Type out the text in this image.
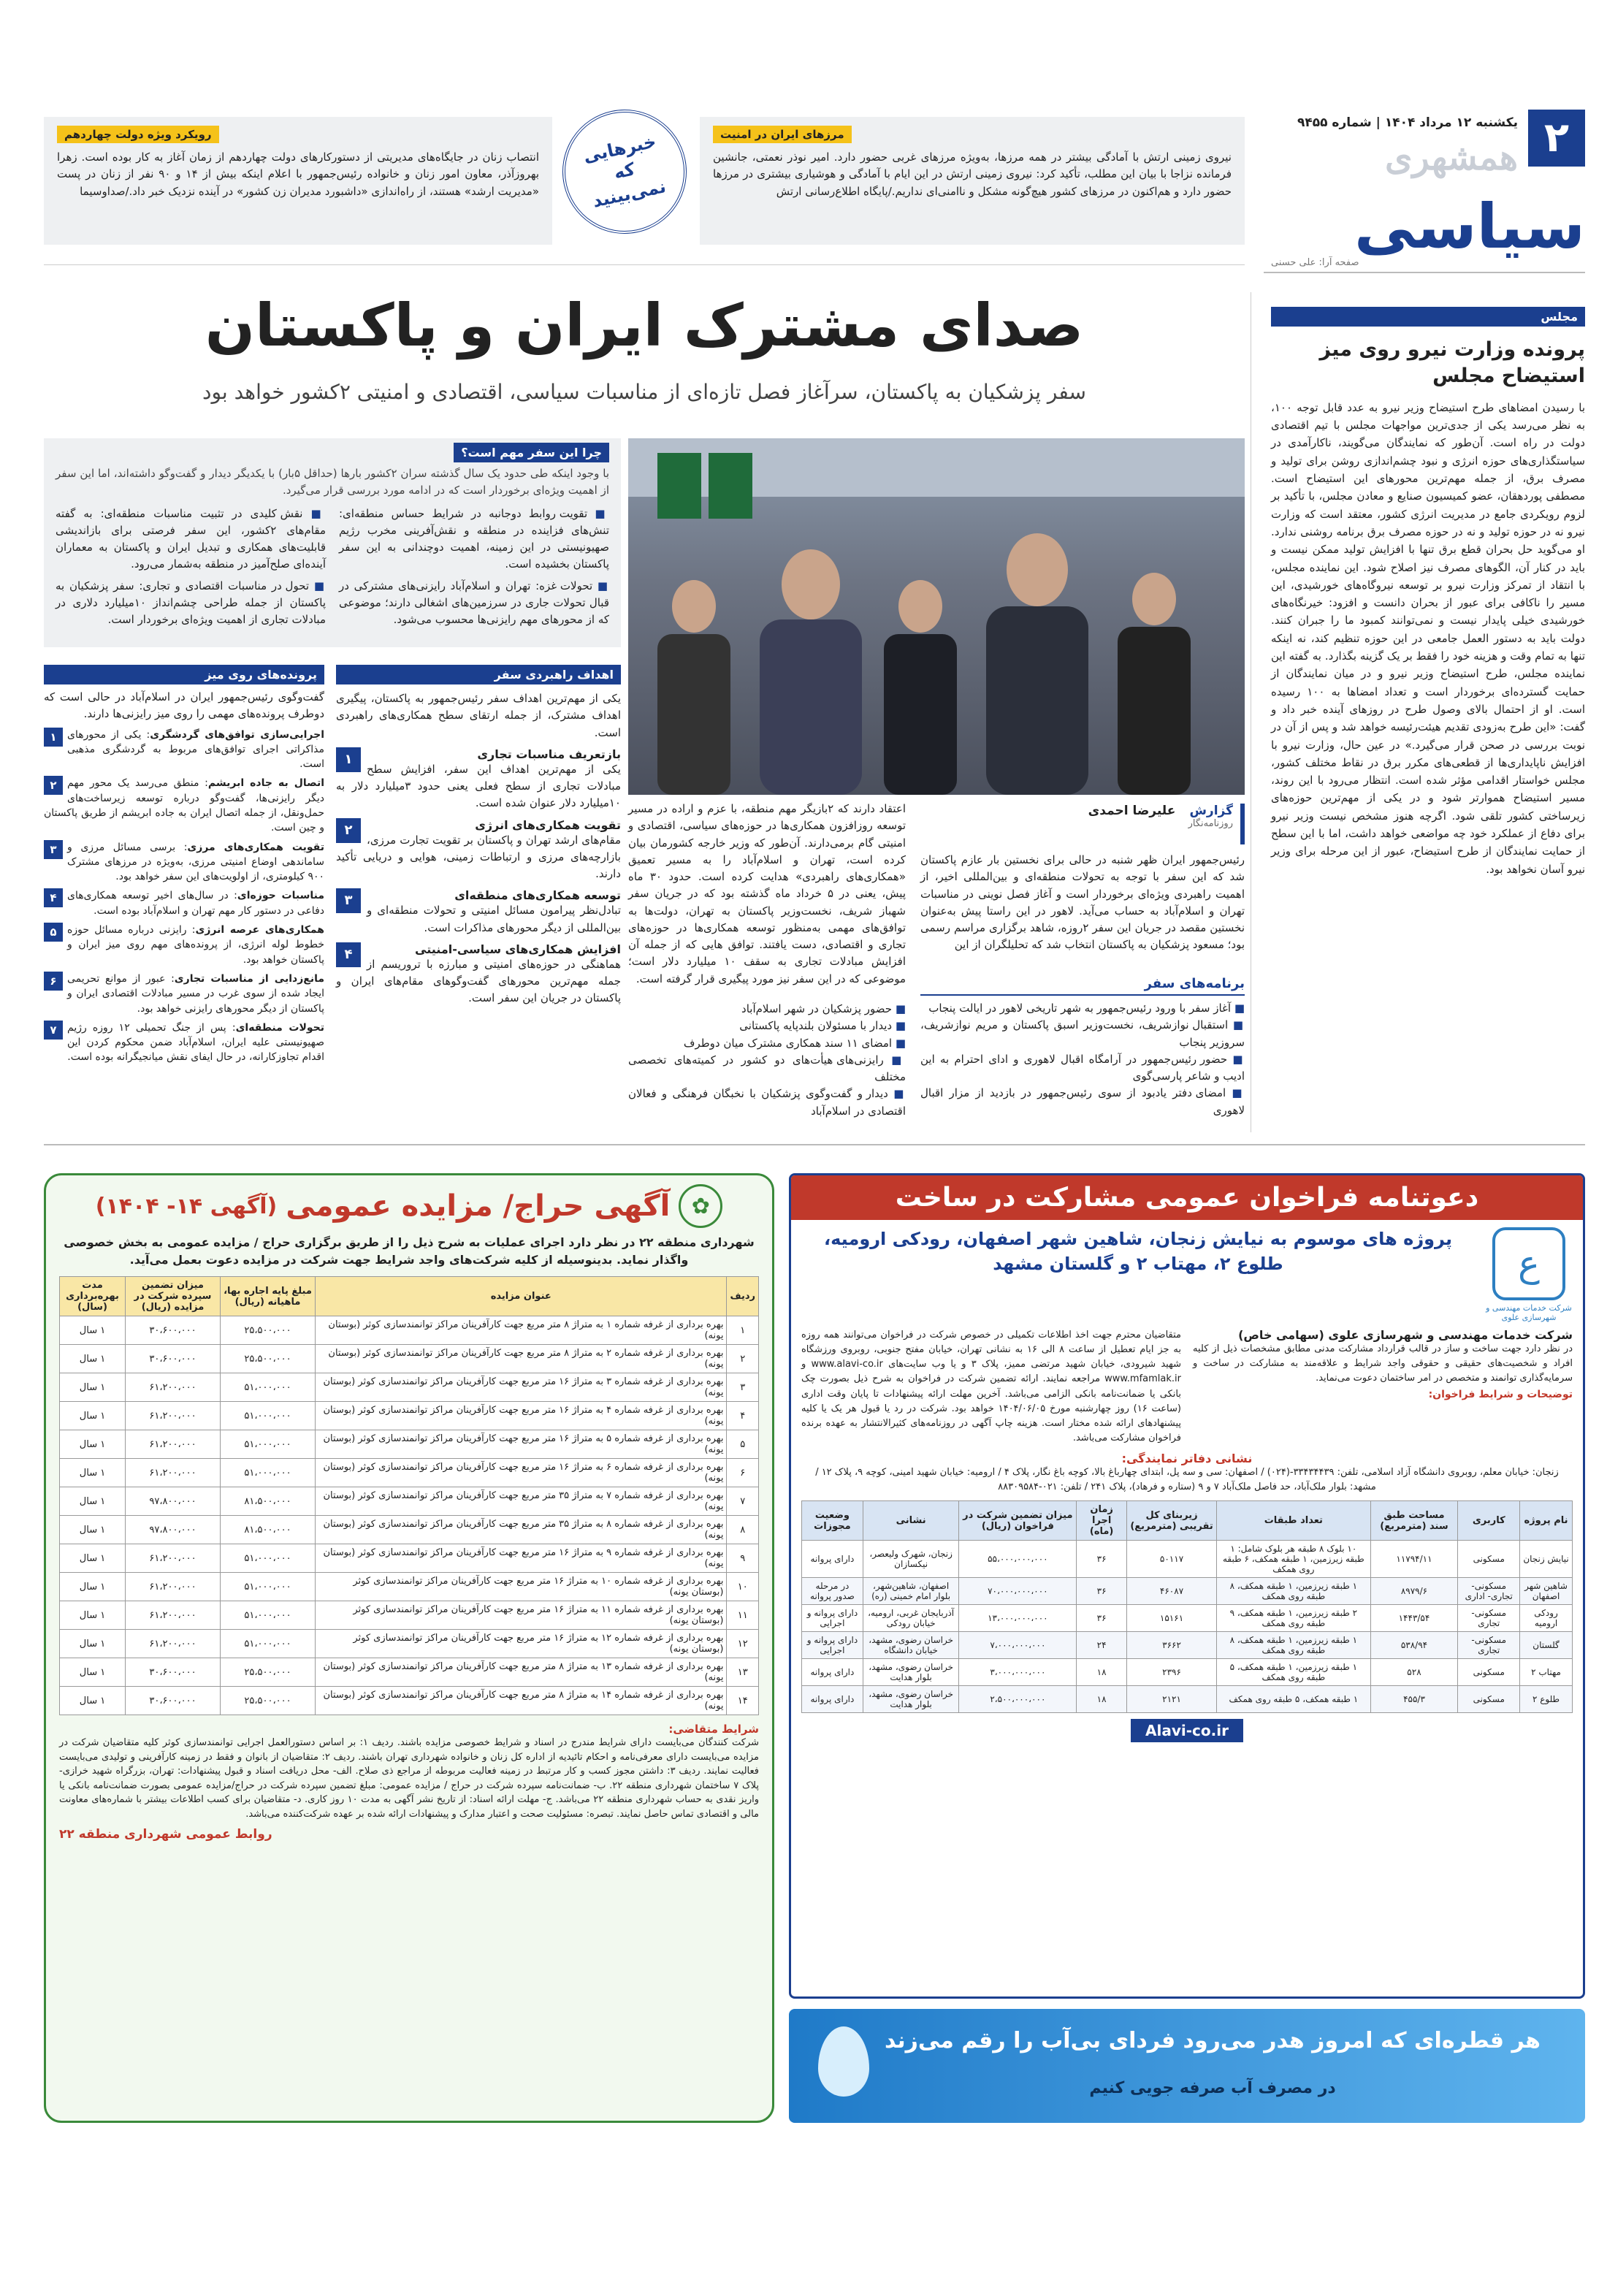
۲
یکشنبه ۱۲ مرداد ۱۴۰۴ | شماره ۹۴۵۵
همشهری
سیاسی
صفحه آرا: علی حسنی
مرزهای ایران در امنیت
نیروی زمینی ارتش با آمادگی بیشتر در همه مرزها، به‌ویژه مرزهای غربی حضور دارد. امیر نوذر نعمتی، جانشین فرمانده نزاجا با بیان این مطلب، تأکید کرد: نیروی زمینی ارتش در این ایام با آمادگی و هوشیاری بیشتری در مرزها حضور دارد و هم‌اکنون در مرزهای کشور هیچ‌گونه مشکل و ناامنی‌ای نداریم./پایگاه اطلاع‌رسانی ارتش
خبرهایی که نمی‌بینید
رویکرد ویژه دولت چهاردهم
انتصاب زنان در جایگاه‌های مدیریتی از دستورکارهای دولت چهاردهم از زمان آغاز به کار بوده است. زهرا بهروزآذر، معاون امور زنان و خانواده رئیس‌جمهور با اعلام اینکه بیش از ۱۴ و ۹۰ نفر از زنان در پست «مدیریت ارشد» هستند، از راه‌اندازی «داشبورد مدیران زن کشور» در آینده نزدیک خبر داد./صداوسیما
مجلس
پرونده وزارت نیرو روی میز استیضاح مجلس
با رسیدن امضاهای طرح استیضاح وزیر نیرو به عدد قابل توجه ۱۰۰، به نظر می‌رسد یکی از جدی‌ترین مواجهات مجلس با تیم اقتصادی دولت در راه است. آن‌طور که نمایندگان می‌گویند، ناکارآمدی در سیاستگذاری‌های حوزه انرژی و نبود چشم‌اندازی روشن برای تولید و مصرف برق، از جمله مهم‌ترین محورهای این استیضاح است. مصطفی پوردهقان، عضو کمیسیون صنایع و معادن مجلس، با تأکید بر لزوم رویکردی جامع در مدیریت انرژی کشور، معتقد است که وزارت نیرو نه در حوزه تولید و نه در حوزه مصرف برق برنامه روشنی ندارد. او می‌گوید حل بحران قطع برق تنها با افزایش تولید ممکن نیست و باید در کنار آن، الگوهای مصرف نیز اصلاح شود. این نماینده مجلس، با انتقاد از تمرکز وزارت نیرو بر توسعه نیروگاه‌های خورشیدی، این مسیر را ناکافی برای عبور از بحران دانست و افزود: خیرنگاه‌های خورشیدی خیلی پایدار نیست و نمی‌توانند کمبود ما را جبران کنند. دولت باید به دستور العمل جامعی در این حوزه تنظیم کند، نه اینکه تنها به تمام وقت و هزینه خود را فقط بر یک گزینه بگذارد. به گفته این نماینده مجلس، طرح استیضاح وزیر نیرو و در میان نمایندگان از حمایت گسترده‌ای برخوردار است و تعداد امضاها به ۱۰۰ رسیده است. او از احتمال بالای وصول طرح در روزهای آینده خبر داد و گفت: «این طرح به‌زودی تقدیم هیئت‌رئیسه خواهد شد و پس از آن در نوبت بررسی در صحن قرار می‌گیرد.» در عین حال، وزارت نیرو با افزایش ناپایداری‌ها از قطعی‌های مکرر برق در نقاط مختلف کشور، مجلس خواستار اقدامی مؤثر شده است. انتظار می‌رود با این روند، مسیر استیضاح هموارتر شود و در یکی از مهم‌ترین حوزه‌های زیرساختی کشور تلقی شود. اگرچه هنوز مشخص نیست وزیر نیرو برای دفاع از عملکرد خود چه مواضعی خواهد داشت، اما با این سطح از حمایت نمایندگان از طرح استیضاح، عبور از این مرحله برای وزیر نیرو آسان نخواهد بود.
صدای مشترک ایران و پاکستان
سفر پزشکیان به پاکستان، سرآغاز فصل تازه‌ای از مناسبات سیاسی، اقتصادی و امنیتی ۲کشور خواهد بود
چرا این سفر مهم است؟
با وجود اینکه طی حدود یک سال گذشته سران ۲کشور بارها (حداقل ۵بار) با یکدیگر دیدار و گفت‌وگو داشته‌اند، اما این سفر از اهمیت ویژه‌ای برخوردار است که در ادامه مورد بررسی قرار می‌گیرد.
■ تقویت روابط دوجانبه در شرایط حساس منطقه‌ای: تنش‌های فزاینده در منطقه و نقش‌آفرینی مخرب رژیم صهیونیستی در این زمینه، اهمیت دوچندانی به این سفر پاکستان بخشیده است.
■ نقش کلیدی در تثبیت مناسبات منطقه‌ای: به گفته مقام‌های ۲کشور، این سفر فرصتی برای بازاندیشی قابلیت‌های همکاری و تبدیل ایران و پاکستان به معماران آینده‌ای صلح‌آمیز در منطقه به‌شمار می‌رود.
■ تحولات غزه: تهران و اسلام‌آباد رایزنی‌های مشترکی در قبال تحولات جاری در سرزمین‌های اشغالی دارند؛ موضوعی که از محورهای مهم رایزنی‌ها محسوب می‌شود.
■ تحول در مناسبات اقتصادی و تجاری: سفر پزشکیان به پاکستان از جمله طراحی چشم‌انداز ۱۰میلیارد دلاری در مبادلات تجاری از اهمیت ویژه‌ای برخوردار است.
گزارش علیرضا احمدی
روزنامه‌نگار
رئیس‌جمهور ایران ظهر شنبه در حالی برای نخستین بار عازم پاکستان شد که این سفر با توجه به تحولات منطقه‌ای و بین‌المللی اخیر، از اهمیت راهبردی ویژه‌ای برخوردار است و آغاز فصل نوینی در مناسبات تهران و اسلام‌آباد به حساب می‌آید. لاهور در این راستا پیش به‌عنوان نخستین مقصد در جریان این سفر ۲روزه، شاهد برگزاری مراسم رسمی بود؛ مسعود پزشکیان به پاکستان انتخاب شد که تحلیلگران از این
اعتقاد دارند که ۲بازیگر مهم منطقه، با عزم و اراده در مسیر توسعه روزافزون همکاری‌ها در حوزه‌های سیاسی، اقتصادی و امنیتی گام برمی‌دارند. آن‌طور که وزیر خارجه کشورمان بیان کرده است، تهران و اسلام‌آباد را به مسیر تعمیق «همکاری‌های راهبردی» هدایت کرده است. حدود ۳۰ ماه پیش، یعنی در ۵ خرداد ماه گذشته بود که در جریان سفر شهباز شریف، نخست‌وزیر پاکستان به تهران، دولت‌ها به توافق‌های مهمی به‌منظور توسعه همکاری‌ها در حوزه‌های تجاری و اقتصادی، دست یافتند. توافق هایی که از جمله آن افزایش مبادلات تجاری به سقف ۱۰ میلیارد دلار است؛ موضوعی که در این سفر نیز مورد پیگیری قرار گرفته است.	برنامه‌های سفر
■ آغاز سفر با ورود رئیس‌جمهور به شهر تاریخی لاهور در ایالت پنجاب
■ استقبال نوازشریف، نخست‌وزیر اسبق پاکستان و مریم نوازشریف، سروزیر پنجاب
■ حضور رئیس‌جمهور در آرامگاه اقبال لاهوری و ادای احترام به این ادیب و شاعر پارسی‌گوی
■ امضای دفتر یادبود از سوی رئیس‌جمهور در بازدید از مزار اقبال لاهوری
■ حضور پزشکیان در شهر اسلام‌آباد
■ دیدار با مسئولان بلندپایه پاکستانی
■ امضای ۱۱ سند همکاری مشترک میان دوطرف
■ رایزنی‌های هیأت‌های دو کشور در کمیته‌های تخصصی مختلف
■ دیدار و گفت‌وگوی پزشکیان با نخبگان فرهنگی و فعالان اقتصادی در اسلام‌آباد
اهداف راهبردی سفر
یکی از مهم‌ترین اهداف سفر رئیس‌جمهور به پاکستان، پیگیری اهداف مشترک، از جمله ارتقای سطح همکاری‌های راهبردی است.
۱	بازتعریف مناسبات تجاری
یکی از مهم‌ترین اهداف این سفر، افزایش سطح مبادلات تجاری از سطح فعلی یعنی حدود ۳میلیارد دلار به ۱۰میلیارد دلار عنوان شده است.
۲	تقویت همکاری‌های انرژی
مقام‌های ارشد تهران و پاکستان بر تقویت تجارت مرزی، بازارچه‌های مرزی و ارتباطات زمینی، هوایی و دریایی تأکید دارند.
۳	توسعه همکاری‌های منطقه‌ای
تبادل‌نظر پیرامون مسائل امنیتی و تحولات منطقه‌ای و بین‌المللی از دیگر محورهای مذاکرات است.
۴	افزایش همکاری‌های سیاسی-امنیتی
هماهنگی در حوزه‌های امنیتی و مبارزه با تروریسم از جمله مهم‌ترین محورهای گفت‌وگوهای مقام‌های ایران و پاکستان در جریان این سفر است.
پرونده‌های روی میز
گفت‌وگوی رئیس‌جمهور ایران در اسلام‌آباد در حالی است که دوطرف پرونده‌های مهمی را روی میز رایزنی‌ها دارند.

۱	اجرایی‌سازی توافق‌های گردشگری: یکی از محورهای مذاکراتی اجرای توافق‌های مربوط به گردشگری مذهبی است.

۲	اتصال به جاده ابریشم: منطق می‌رسد یک محور مهم دیگر رایزنی‌ها، گفت‌وگو درباره توسعه زیرساخت‌های حمل‌ونقل، از جمله اتصال ایران به جاده ابریشم از طریق پاکستان و چین است.

۳	تقویت همکاری‌های مرزی: برسی مسائل مرزی و ساماندهی اوضاع امنیتی مرزی، به‌ویژه در مرزهای مشترک ۹۰۰ کیلومتری، از اولویت‌های این سفر خواهد بود.

۴	مناسبات حوزه‌ای: در سال‌های اخیر توسعه همکاری‌های دفاعی در دستور کار مهم تهران و اسلام‌آباد بوده است.

۵	همکاری‌های عرصه انرژی: رایزنی درباره مسائل حوزه خطوط لوله انرژی، از پرونده‌های مهم روی میز ایران و پاکستان خواهد بود.

۶	مانع‌زدایی از مناسبات تجاری: عبور از موانع تحریمی ایجاد شده از سوی غرب در مسیر مبادلات اقتصادی ایران و پاکستان از دیگر محورهای رایزنی خواهد بود.

۷	تحولات منطقه‌ای: پس از جنگ تحمیلی ۱۲ روزه رژیم صهیونیستی علیه ایران، اسلام‌آباد ضمن محکوم کردن این اقدام تجاوزکارانه، در حال ایفای نقش میانجیگرانه بوده است.

✿
آگهی حراج/ مزایده عمومی
(آگهی ۱۴- ۱۴۰۴)
شهرداری منطقه ۲۲ در نظر دارد اجرای عملیات به شرح ذیل را از طریق برگزاری حراج / مزایده عمومی به بخش خصوصی واگذار نماید. بدینوسیله از کلیه شرکت‌های واجد شرایط جهت شرکت در مزایده دعوت بعمل می‌آید.
ردیف	عنوان مزایده	مبلغ پایه اجاره بها، ماهیانه (ریال)	میزان تضمین سپرده شرکت در مزایده (ریال)	مدت بهره‌برداری (سال)
۱	بهره برداری از غرفه شماره ۱ به متراژ ۸ متر مربع جهت کارآفرینان مراکز توانمندسازی کوثر (بوستان یونه)	۲۵،۵۰۰،۰۰۰	۳۰،۶۰۰،۰۰۰	۱ سال
۲	بهره برداری از غرفه شماره ۲ به متراژ ۸ متر مربع جهت کارآفرینان مراکز توانمندسازی کوثر (بوستان یونه)	۲۵،۵۰۰،۰۰۰	۳۰،۶۰۰،۰۰۰	۱ سال
۳	بهره برداری از غرفه شماره ۳ به متراژ ۱۶ متر مربع جهت کارآفرینان مراکز توانمندسازی کوثر (بوستان یونه)	۵۱،۰۰۰،۰۰۰	۶۱،۲۰۰،۰۰۰	۱ سال
۴	بهره برداری از غرفه شماره ۴ به متراژ ۱۶ متر مربع جهت کارآفرینان مراکز توانمندسازی کوثر (بوستان یونه)	۵۱،۰۰۰،۰۰۰	۶۱،۲۰۰،۰۰۰	۱ سال
۵	بهره برداری از غرفه شماره ۵ به متراژ ۱۶ متر مربع جهت کارآفرینان مراکز توانمندسازی کوثر (بوستان یونه)	۵۱،۰۰۰،۰۰۰	۶۱،۲۰۰،۰۰۰	۱ سال
۶	بهره برداری از غرفه شماره ۶ به متراژ ۱۶ متر مربع جهت کارآفرینان مراکز توانمندسازی کوثر (بوستان یونه)	۵۱،۰۰۰،۰۰۰	۶۱،۲۰۰،۰۰۰	۱ سال
۷	بهره برداری از غرفه شماره ۷ به متراژ ۳۵ متر مربع جهت کارآفرینان مراکز توانمندسازی کوثر (بوستان یونه)	۸۱،۵۰۰،۰۰۰	۹۷،۸۰۰،۰۰۰	۱ سال
۸	بهره برداری از غرفه شماره ۸ به متراژ ۳۵ متر مربع جهت کارآفرینان مراکز توانمندسازی کوثر (بوستان یونه)	۸۱،۵۰۰،۰۰۰	۹۷،۸۰۰،۰۰۰	۱ سال
۹	بهره برداری از غرفه شماره ۹ به متراژ ۱۶ متر مربع جهت کارآفرینان مراکز توانمندسازی کوثر (بوستان یونه)	۵۱،۰۰۰،۰۰۰	۶۱،۲۰۰،۰۰۰	۱ سال
۱۰	بهره برداری از غرفه شماره ۱۰ به متراژ ۱۶ متر مربع جهت کارآفرینان مراکز توانمندسازی کوثر (بوستان یونه)	۵۱،۰۰۰،۰۰۰	۶۱،۲۰۰،۰۰۰	۱ سال
۱۱	بهره برداری از غرفه شماره ۱۱ به متراژ ۱۶ متر مربع جهت کارآفرینان مراکز توانمندسازی کوثر (بوستان یونه)	۵۱،۰۰۰،۰۰۰	۶۱،۲۰۰،۰۰۰	۱ سال
۱۲	بهره برداری از غرفه شماره ۱۲ به متراژ ۱۶ متر مربع جهت کارآفرینان مراکز توانمندسازی کوثر (بوستان یونه)	۵۱،۰۰۰،۰۰۰	۶۱،۲۰۰،۰۰۰	۱ سال
۱۳	بهره برداری از غرفه شماره ۱۳ به متراژ ۸ متر مربع جهت کارآفرینان مراکز توانمندسازی کوثر (بوستان یونه)	۲۵،۵۰۰،۰۰۰	۳۰،۶۰۰،۰۰۰	۱ سال
۱۴	بهره برداری از غرفه شماره ۱۴ به متراژ ۸ متر مربع جهت کارآفرینان مراکز توانمندسازی کوثر (بوستان یونه)	۲۵،۵۰۰،۰۰۰	۳۰،۶۰۰،۰۰۰	۱ سال
شرایط متقاضی:
شرکت کنندگان می‌بایست دارای شرایط مندرج در اسناد و شرایط خصوصی مزایده باشند. ردیف ۱: بر اساس دستورالعمل اجرایی توانمندسازی کوثر کلیه متقاضیان شرکت در مزایده می‌بایست دارای معرفی‌نامه و احکام تائیدیه از اداره کل زنان و خانواده شهرداری تهران باشند. ردیف ۲: متقاضیان از بانوان و فقط در زمینه کارآفرینی و تولیدی می‌بایست فعالیت نمایند. ردیف ۳: داشتن مجوز کسب و کار مرتبط در زمینه فعالیت مربوطه از مراجع ذی صلاح. الف- محل دریافت اسناد و قبول پیشنهادات: تهران، بزرگراه شهید خرازی- پلاک ۷ ساختمان شهرداری منطقه ۲۲. ب- ضمانت‌نامه سپرده شرکت در حراج / مزایده عمومی: مبلغ تضمین سپرده شرکت در حراج/مزایده عمومی بصورت ضمانت‌نامه بانکی یا واریز نقدی به حساب شهرداری منطقه ۲۲ می‌باشد. ج- مهلت ارائه اسناد: از تاریخ نشر آگهی به مدت ۱۰ روز کاری. د- متقاضیان برای کسب اطلاعات بیشتر با شماره‌های معاونت مالی و اقتصادی تماس حاصل نمایند. تبصره: مسئولیت صحت و اعتبار مدارک و پیشنهادات ارائه شده بر عهده شرکت‌کننده می‌باشد.
روابط عمومی شهرداری منطقه ۲۲
دعوتنامه فراخوان عمومی مشارکت در ساخت
ع
شرکت خدمات مهندسی و شهرسازی علوی
پروژه های موسوم به نیایش زنجان، شاهین شهر اصفهان، رودکی ارومیه، طلوع ۲، مهتاب ۲ و گلستان مشهد
شرکت خدمات مهندسی و شهرسازی علوی (سهامی خاص)
در نظر دارد جهت ساخت و ساز در قالب قرارداد مشارکت مدنی مطابق مشخصات ذیل از کلیه افراد و شخصیت‌های حقیقی و حقوقی واجد شرایط و علاقه‌مند به مشارکت در ساخت و سرمایه‌گذاری توانمند و متخصص در امر ساختمان دعوت می‌نماید.
توضیحات و شرایط فراخوان:
متقاضیان محترم جهت اخذ اطلاعات تکمیلی در خصوص شرکت در فراخوان می‌توانند همه روزه به جز ایام تعطیل از ساعت ۸ الی ۱۶ به نشانی تهران، خیابان مفتح جنوبی، روبروی ورزشگاه شهید شیرودی، خیابان شهید مرتضی ممیز، پلاک ۳ و یا وب سایت‌های www.alavi-co.ir و www.mfamlak.ir مراجعه نمایند. ارائه تضمین شرکت در فراخوان به شرح ذیل بصورت چک بانکی یا ضمانت‌نامه بانکی الزامی می‌باشد. آخرین مهلت ارائه پیشنهادات تا پایان وقت اداری (ساعت ۱۶) روز چهارشنبه مورخ ۱۴۰۴/۰۶/۰۵ خواهد بود. شرکت در رد یا قبول هر یک یا کلیه پیشنهادهای ارائه شده مختار است. هزینه چاپ آگهی در روزنامه‌های کثیرالانتشار به عهده برنده فراخوان مشارکت می‌باشد.
نشانی دفاتر نمایندگی:
زنجان: خیابان معلم، روبروی دانشگاه آزاد اسلامی، تلفن: ۳۳۴۳۴۴۳۹-(۰۲۴) / اصفهان: سی و سه پل، ابتدای چهارباغ بالا، کوچه باغ نگار، پلاک ۴ / ارومیه: خیابان شهید امینی، کوچه ۹، پلاک ۱۲ / مشهد: بلوار ملک‌آباد، حد فاصل ملک‌آباد ۷ و ۹ (ستاره و فرهاد)، پلاک ۲۴۱ / تلفن: ۰۲۱-۸۸۳۰۹۵۸۴
نام پروژه	کاربری	مساحت طبق سند (مترمربع)	تعداد طبقات	زیربنای کل تقریبی (مترمربع)	زمان اجرا (ماه)	میزان تضمین شرکت در فراخوان (ریال)	نشانی	وضعیت مجوزات
نیایش زنجان	مسکونی	۱۱۷۹۴/۱۱	۱۰ بلوک ۸ طبقه هر بلوک شامل: ۱ طبقه زیرزمین، ۱ طبقه همکف، ۶ طبقه روی همکف	۵۰۱۱۷	۳۶	۵۵،۰۰۰،۰۰۰،۰۰۰	زنجان، شهرک ولیعصر، نیکسازان	دارای پروانه
شاهین شهر اصفهان	مسکونی- تجاری- اداری	۸۹۷۹/۶	۱ طبقه زیرزمین، ۱ طبقه همکف، ۸ طبقه روی همکف	۴۶۰۸۷	۳۶	۷۰،۰۰۰،۰۰۰،۰۰۰	اصفهان، شاهین‌شهر، بلوار امام خمینی (ره)	در مرحله صدور پروانه
رودکی ارومیه	مسکونی- تجاری	۱۴۴۳/۵۴	۲ طبقه زیرزمین، ۱ طبقه همکف، ۹ طبقه روی همکف	۱۵۱۶۱	۳۶	۱۳،۰۰۰،۰۰۰،۰۰۰	آذربایجان غربی، ارومیه، خیابان رودکی	دارای پروانه و اجرایی
گلستان	مسکونی- تجاری	۵۳۸/۹۴	۱ طبقه زیرزمین، ۱ طبقه همکف، ۸ طبقه روی همکف	۳۶۶۲	۲۴	۷،۰۰۰،۰۰۰،۰۰۰	خراسان رضوی، مشهد، خیابان دانشگاه	دارای پروانه و اجرایی
مهتاب ۲	مسکونی	۵۲۸	۱ طبقه زیرزمین، ۱ طبقه همکف، ۵ طبقه روی همکف	۲۳۹۶	۱۸	۳،۰۰۰،۰۰۰،۰۰۰	خراسان رضوی، مشهد، بلوار هدایت	دارای پروانه
طلوع ۲	مسکونی	۴۵۵/۳	۱ طبقه همکف، ۵ طبقه روی همکف	۲۱۲۱	۱۸	۲،۵۰۰،۰۰۰،۰۰۰	خراسان رضوی، مشهد، بلوار هدایت	دارای پروانه
Alavi-co.ir
هر قطره‌ای که امروز هدر می‌رود فردای بی‌آب را رقم می‌زند
در مصرف آب صرفه جویی کنیم
